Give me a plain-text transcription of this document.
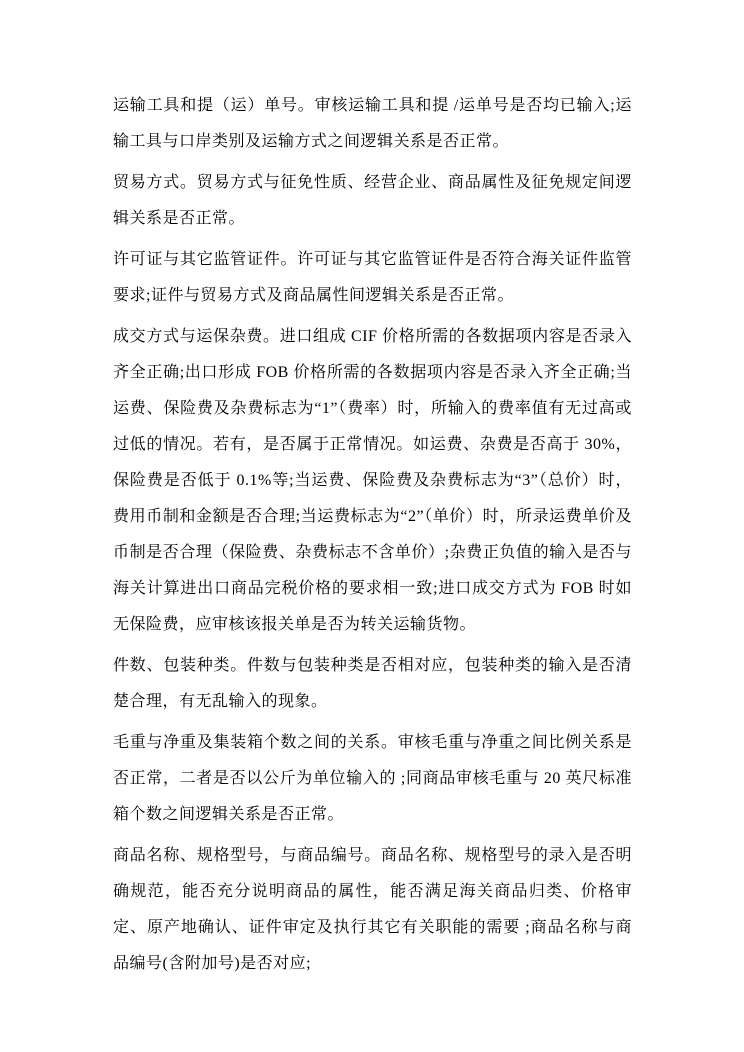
运输工具和提（运）单号。审核运输工具和提 /运单号是否均已输入;运输工具与口岸类别及运输方式之间逻辑关系是否正常。

贸易方式。贸易方式与征免性质、经营企业、商品属性及征免规定间逻辑关系是否正常。

许可证与其它监管证件。许可证与其它监管证件是否符合海关证件监管要求;证件与贸易方式及商品属性间逻辑关系是否正常。

成交方式与运保杂费。进口组成 CIF 价格所需的各数据项内容是否录入齐全正确;出口形成 FOB 价格所需的各数据项内容是否录入齐全正确;当运费、保险费及杂费标志为“1”（费率）时，所输入的费率值有无过高或过低的情况。若有，是否属于正常情况。如运费、杂费是否高于 30%，保险费是否低于 0.1%等;当运费、保险费及杂费标志为“3”（总价）时，费用币制和金额是否合理;当运费标志为“2”（单价）时，所录运费单价及币制是否合理（保险费、杂费标志不含单价）;杂费正负值的输入是否与海关计算进出口商品完税价格的要求相一致;进口成交方式为 FOB 时如无保险费，应审核该报关单是否为转关运输货物。

件数、包装种类。件数与包装种类是否相对应，包装种类的输入是否清楚合理，有无乱输入的现象。

毛重与净重及集装箱个数之间的关系。审核毛重与净重之间比例关系是否正常，二者是否以公斤为单位输入的 ;同商品审核毛重与 20 英尺标准箱个数之间逻辑关系是否正常。

商品名称、规格型号，与商品编号。商品名称、规格型号的录入是否明确规范，能否充分说明商品的属性，能否满足海关商品归类、价格审定、原产地确认、证件审定及执行其它有关职能的需要 ;商品名称与商品编号(含附加号)是否对应;
